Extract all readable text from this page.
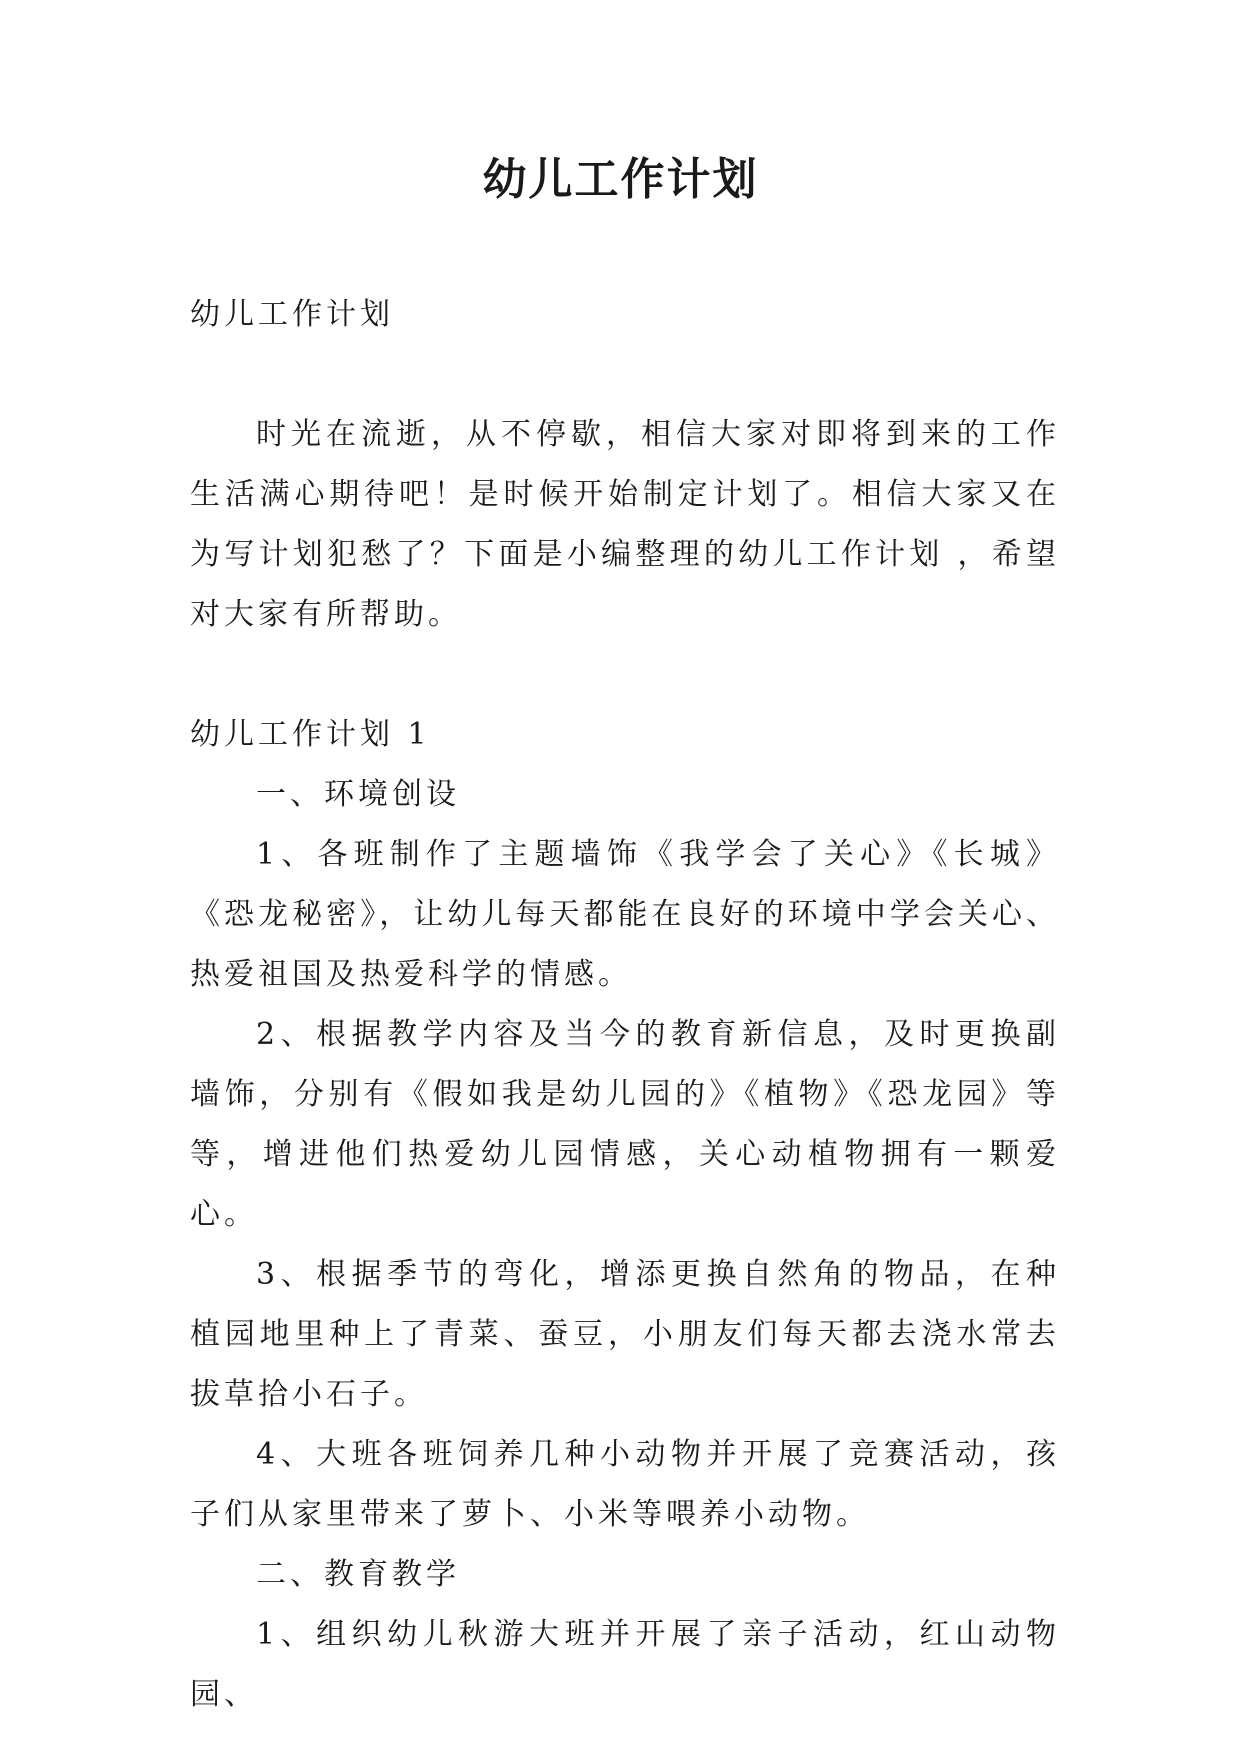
幼儿工作计划

幼儿工作计划

时光在流逝，从不停歇，相信大家对即将到来的工作生活满心期待吧！是时候开始制定计划了。相信大家又在为写计划犯愁了？下面是小编整理的幼儿工作计划 ，希望对大家有所帮助。

幼儿工作计划 1

一、环境创设

1、各班制作了主题墙饰《我学会了关心》《长城》《恐龙秘密》，让幼儿每天都能在良好的环境中学会关心、热爱祖国及热爱科学的情感。

2、根据教学内容及当今的教育新信息，及时更换副墙饰，分别有《假如我是幼儿园的》《植物》《恐龙园》等等，增进他们热爱幼儿园情感，关心动植物拥有一颗爱心。

3、根据季节的弯化，增添更换自然角的物品，在种植园地里种上了青菜、蚕豆，小朋友们每天都去浇水常去拔草拾小石子。

4、大班各班饲养几种小动物并开展了竞赛活动，孩子们从家里带来了萝卜、小米等喂养小动物。

二、教育教学

1、组织幼儿秋游大班并开展了亲子活动，红山动物园、
